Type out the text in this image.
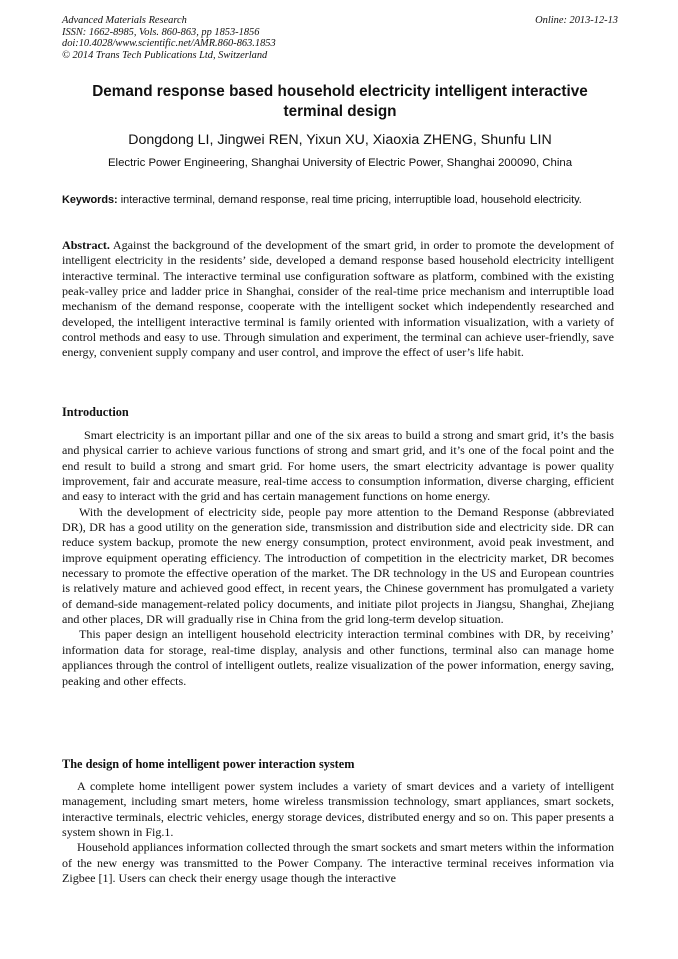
Advanced Materials Research
ISSN: 1662-8985, Vols. 860-863, pp 1853-1856
doi:10.4028/www.scientific.net/AMR.860-863.1853
© 2014 Trans Tech Publications Ltd, Switzerland
Online: 2013-12-13
Demand response based household electricity intelligent interactive terminal design
Dongdong LI, Jingwei REN, Yixun XU, Xiaoxia ZHENG, Shunfu LIN
Electric Power Engineering, Shanghai University of Electric Power, Shanghai 200090, China
Keywords: interactive terminal, demand response, real time pricing, interruptible load, household electricity.

Abstract. Against the background of the development of the smart grid, in order to promote the development of intelligent electricity in the residents’ side, developed a demand response based household electricity intelligent interactive terminal. The interactive terminal use configuration software as platform, combined with the existing peak-valley price and ladder price in Shanghai, consider of the real-time price mechanism and interruptible load mechanism of the demand response, cooperate with the intelligent socket which independently researched and developed, the intelligent interactive terminal is family oriented with information visualization, with a variety of control methods and easy to use. Through simulation and experiment, the terminal can achieve user-friendly, save energy, convenient supply company and user control, and improve the effect of user’s life habit.

Introduction

Smart electricity is an important pillar and one of the six areas to build a strong and smart grid, it’s the basis and physical carrier to achieve various functions of strong and smart grid, and it’s one of the focal point and the end result to build a strong and smart grid. For home users, the smart electricity advantage is power quality improvement, fair and accurate measure, real-time access to consumption information, diverse charging, efficient and easy to interact with the grid and has certain management functions on home energy.

With the development of electricity side, people pay more attention to the Demand Response (abbreviated DR), DR has a good utility on the generation side, transmission and distribution side and electricity side. DR can reduce system backup, promote the new energy consumption, protect environment, avoid peak investment, and improve equipment operating efficiency. The introduction of competition in the electricity market, DR becomes necessary to promote the effective operation of the market. The DR technology in the US and European countries is relatively mature and achieved good effect, in recent years, the Chinese government has promulgated a variety of demand-side management-related policy documents, and initiate pilot projects in Jiangsu, Shanghai, Zhejiang and other places, DR will gradually rise in China from the grid long-term develop situation.

This paper design an intelligent household electricity interaction terminal combines with DR, by receiving’ information data for storage, real-time display, analysis and other functions, terminal also can manage home appliances through the control of intelligent outlets, realize visualization of the power information, energy saving, peaking and other effects.

The design of home intelligent power interaction system

A complete home intelligent power system includes a variety of smart devices and a variety of intelligent management, including smart meters, home wireless transmission technology, smart appliances, smart sockets, interactive terminals, electric vehicles, energy storage devices, distributed energy and so on. This paper presents a system shown in Fig.1.

Household appliances information collected through the smart sockets and smart meters within the information of the new energy was transmitted to the Power Company. The interactive terminal receives information via Zigbee [1]. Users can check their energy usage though the interactive
